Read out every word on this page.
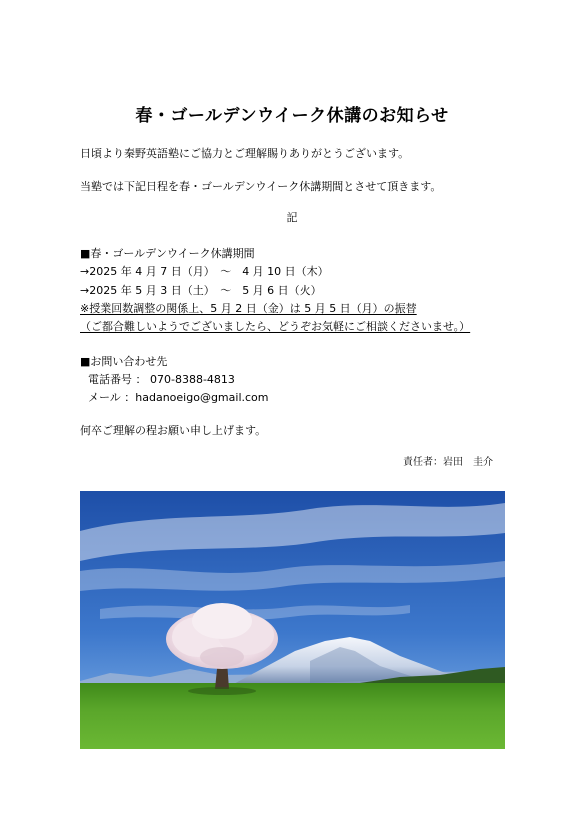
春・ゴールデンウイーク休講のお知らせ
日頃より秦野英語塾にご協力とご理解賜りありがとうございます。
当塾では下記日程を春・ゴールデンウイーク休講期間とさせて頂きます。
記
■春・ゴールデンウイーク休講期間
→2025 年 4 月 7 日（月）　～　4 月 10 日（木）
→2025 年 5 月 3 日（土）　～　5 月 6 日（火）
※授業回数調整の関係上、5 月 2 日（金）は 5 月 5 日（月）の振替
（ご都合難しいようでございましたら、どうぞお気軽にご相談くださいませ。）
■お問い合わせ先
電話番号 ： 070-8388-4813
メール ：hadanoeigo@gmail.com
何卒ご理解の程お願い申し上げます。
責任者：岩田　圭介
